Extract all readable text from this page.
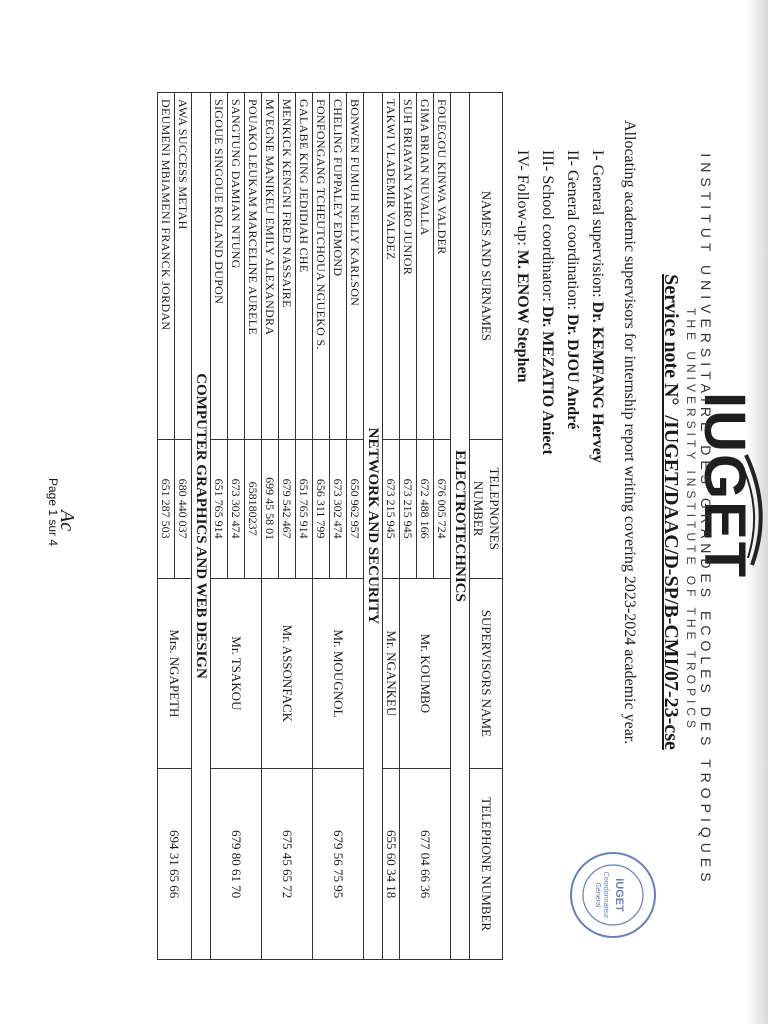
IUGET
INSTITUT UNIVERSITAIRE DES GRANDES ECOLES DES TROPIQUES
THE UNIVERSITY INSTITUTE OF THE TROPICS
Service note N°_/IUGET/DAAC/D-SP/B-CMI/07-23-cse
Allocating academic supervisors for internship report writing covering 2023-2024 academic year.
I- General supervision: Dr. KEMFANG Hervey
II- General coordination: Dr. DJOU André
III- School coordinator: Dr. MEZATIO Aniect
IV- Follow-up: M. ENOW Stephen
IUGET
Coordonnateur
Général
NAMES AND SURNAMES	TELEPNONES NUMBER	SUPERVISORS NAME	TELEPHONE NUMBER
ELECTROTECHNICS			
FOUEGOU KINWA VALDER	676 005 724	Mr. KOUMBO	677 04 66 36
GIMA BRIAN NUVALLA	672 488 166		
SUH BRIAYAN YAHRO JUNIOR	673 215 945		
TAKWI VLADEMIR VALDEZ	673 215 945	Mr. NGANKEU	655 60 34 18
NETWORK AND SECURITY			
BONWEN FUMUH NELLY KARLSON	650 962 957	Mr. MOUGNOL	679 56 75 95
CHELING FUPPALEY EDMOND	673 302 474		
FONFONGANG TCHEUTCHOUA NGUEKO S.	656 311 799		
GALABE KING JEDIDIAH CHE	651 765 914	Mr. ASSONFACK	675 45 65 72
MENKICK KENGNI FRED NASSAIRE	679 542 467		
MVEGNE MANIKEU EMILY ALEXANDRA	699 45 58 01		
POUAKO LEUKAM MARCELINE AURELE	658180237	Mr. TSAKOU	679 80 61 70
SANGTUNG DAMIAN NTUNG	673 302 474		
SIGOUE SINGOUE ROLAND DUPON	651 765 914		
COMPUTER GRAPHICS AND WEB DESIGN			
AWA SUCCESS METAH	680 440 037	Mrs. NGAPETH	694 31 65 66
DEUMENI MBIAMENI FRANCK JORDAN	651 287 503		
Ac
Page 1 sur 4
